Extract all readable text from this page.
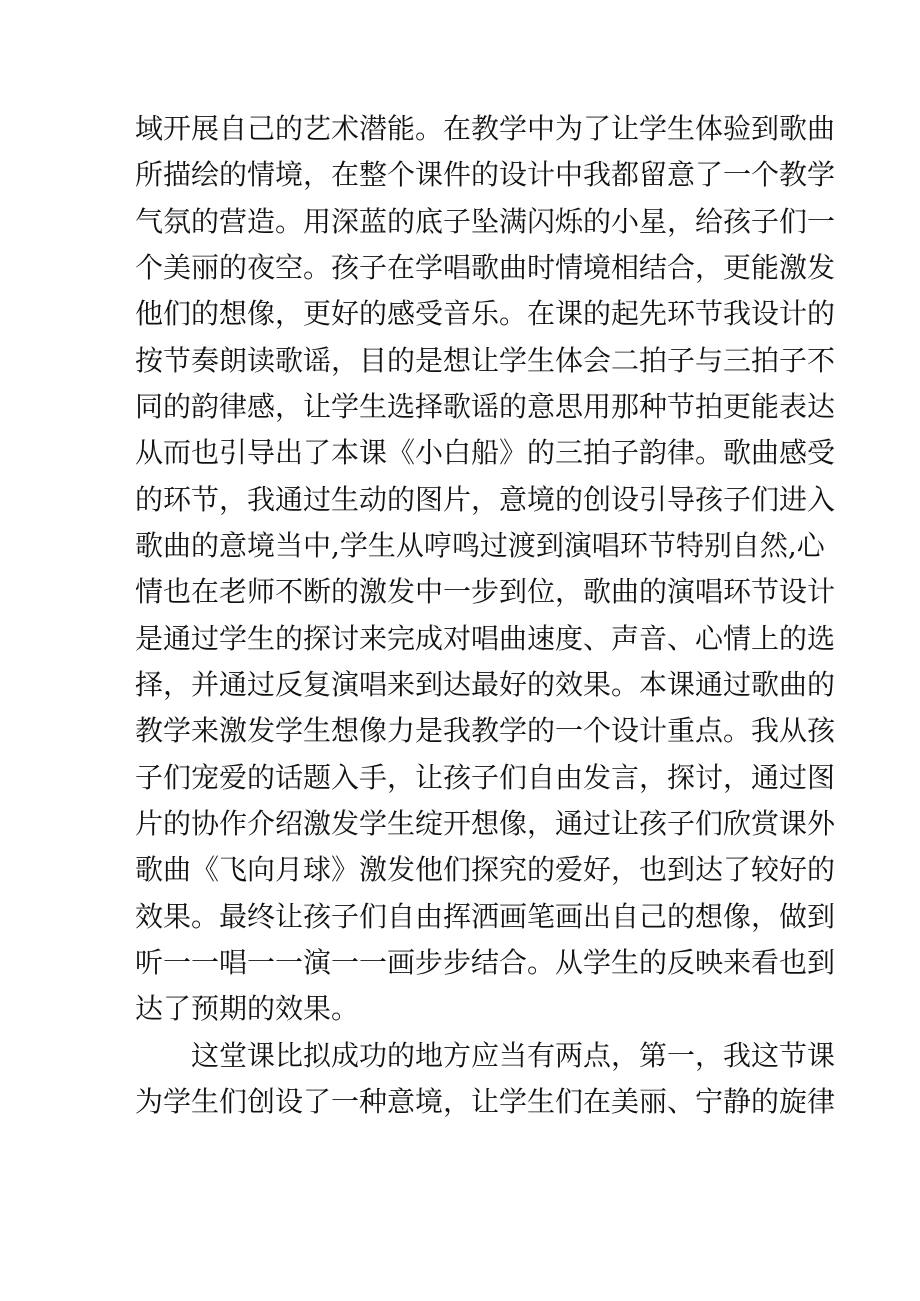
域开展自己的艺术潜能。在教学中为了让学生体验到歌曲
所描绘的情境，在整个课件的设计中我都留意了一个教学
气氛的营造。用深蓝的底子坠满闪烁的小星，给孩子们一
个美丽的夜空。孩子在学唱歌曲时情境相结合，更能激发
他们的想像，更好的感受音乐。在课的起先环节我设计的
按节奏朗读歌谣，目的是想让学生体会二拍子与三拍子不
同的韵律感，让学生选择歌谣的意思用那种节拍更能表达
从而也引导出了本课《小白船》的三拍子韵律。歌曲感受
的环节，我通过生动的图片，意境的创设引导孩子们进入
歌曲的意境当中,学生从哼鸣过渡到演唱环节特别自然,心
情也在老师不断的激发中一步到位，歌曲的演唱环节设计
是通过学生的探讨来完成对唱曲速度、声音、心情上的选
择，并通过反复演唱来到达最好的效果。本课通过歌曲的
教学来激发学生想像力是我教学的一个设计重点。我从孩
子们宠爱的话题入手，让孩子们自由发言，探讨，通过图
片的协作介绍激发学生绽开想像，通过让孩子们欣赏课外
歌曲《飞向月球》激发他们探究的爱好，也到达了较好的
效果。最终让孩子们自由挥洒画笔画出自己的想像，做到
听一一唱一一演一一画步步结合。从学生的反映来看也到
达了预期的效果。
这堂课比拟成功的地方应当有两点，第一，我这节课
为学生们创设了一种意境，让学生们在美丽、宁静的旋律
